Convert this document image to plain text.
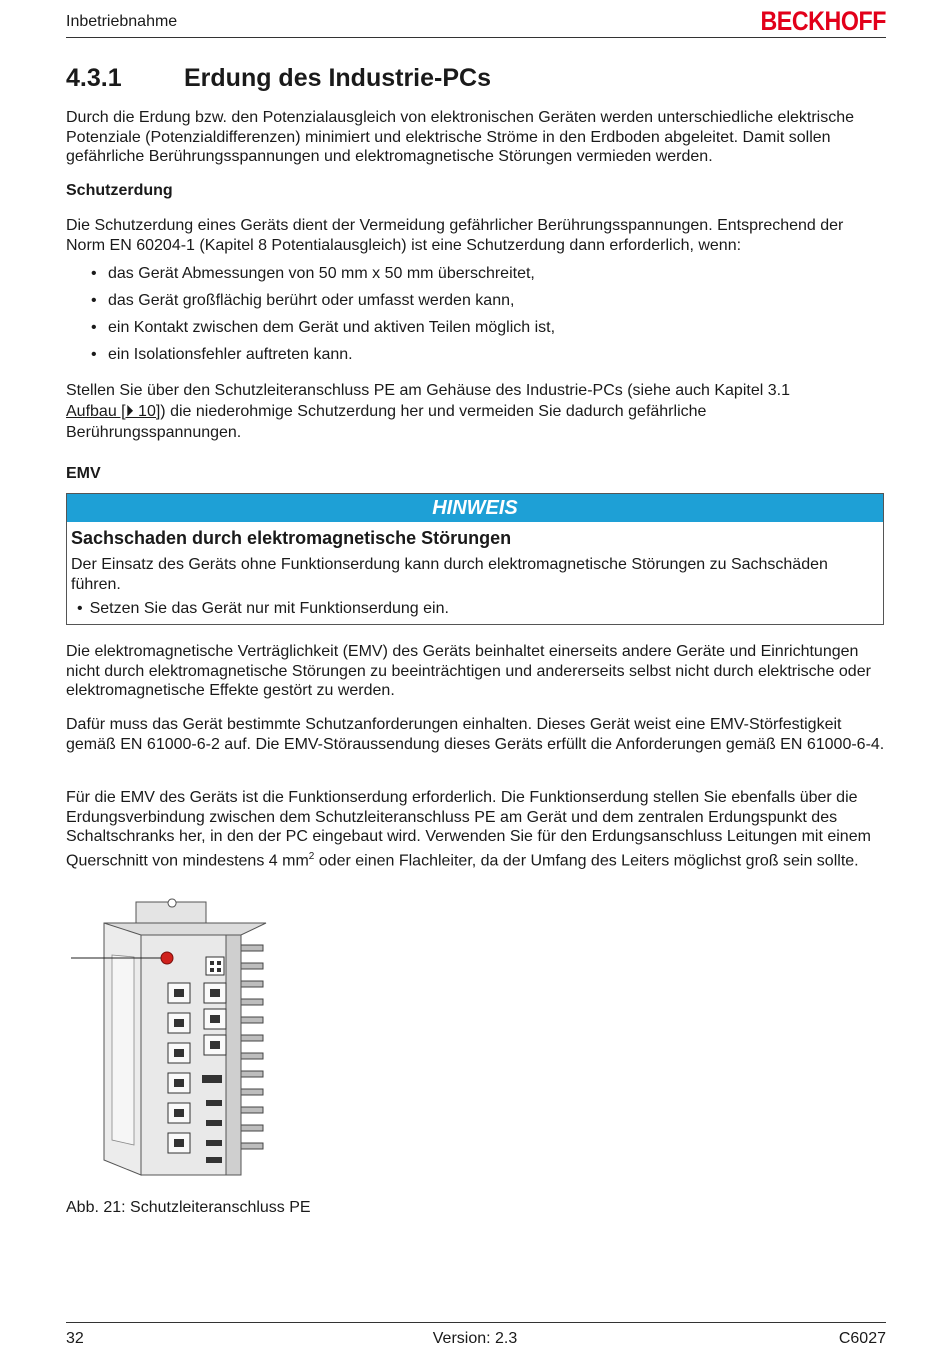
Inbetriebnahme	BECKHOFF
4.3.1 Erdung des Industrie-PCs

Durch die Erdung bzw. den Potenzialausgleich von elektronischen Geräten werden unterschiedliche elektrische Potenziale (Potenzialdifferenzen) minimiert und elektrische Ströme in den Erdboden abgeleitet. Damit sollen gefährliche Berührungsspannungen und elektromagnetische Störungen vermieden werden.

Schutzerdung

Die Schutzerdung eines Geräts dient der Vermeidung gefährlicher Berührungsspannungen. Entsprechend der Norm EN 60204-1 (Kapitel 8 Potentialausgleich) ist eine Schutzerdung dann erforderlich, wenn:

• das Gerät Abmessungen von 50 mm x 50 mm überschreitet,
• das Gerät großflächig berührt oder umfasst werden kann,
• ein Kontakt zwischen dem Gerät und aktiven Teilen möglich ist,
• ein Isolationsfehler auftreten kann.

Stellen Sie über den Schutzleiteranschluss PE am Gehäuse des Industrie-PCs (siehe auch Kapitel 3.1
Aufbau [⏵ 10]) die niederohmige Schutzerdung her und vermeiden Sie dadurch gefährliche Berührungsspannungen.

EMV
HINWEIS
Sachschaden durch elektromagnetische Störungen
Der Einsatz des Geräts ohne Funktionserdung kann durch elektromagnetische Störungen zu Sachschäden führen.
• Setzen Sie das Gerät nur mit Funktionserdung ein.

Die elektromagnetische Verträglichkeit (EMV) des Geräts beinhaltet einerseits andere Geräte und Einrichtungen nicht durch elektromagnetische Störungen zu beeinträchtigen und andererseits selbst nicht durch elektrische oder elektromagnetische Effekte gestört zu werden.

Dafür muss das Gerät bestimmte Schutzanforderungen einhalten. Dieses Gerät weist eine EMV-Störfestigkeit gemäß EN 61000-6-2 auf. Die EMV-Störaussendung dieses Geräts erfüllt die Anforderungen gemäß EN 61000-6-4.

Für die EMV des Geräts ist die Funktionserdung erforderlich. Die Funktionserdung stellen Sie ebenfalls über die Erdungsverbindung zwischen dem Schutzleiteranschluss PE am Gerät und dem zentralen Erdungspunkt des Schaltschranks her, in den der PC eingebaut wird. Verwenden Sie für den Erdungsanschluss Leitungen mit einem Querschnitt von mindestens 4 $mm^2$ oder einen Flachleiter, da der Umfang des Leiters möglichst groß sein sollte.

Abb. 21: Schutzleiteranschluss PE
32	Version: 2.3	C6027
